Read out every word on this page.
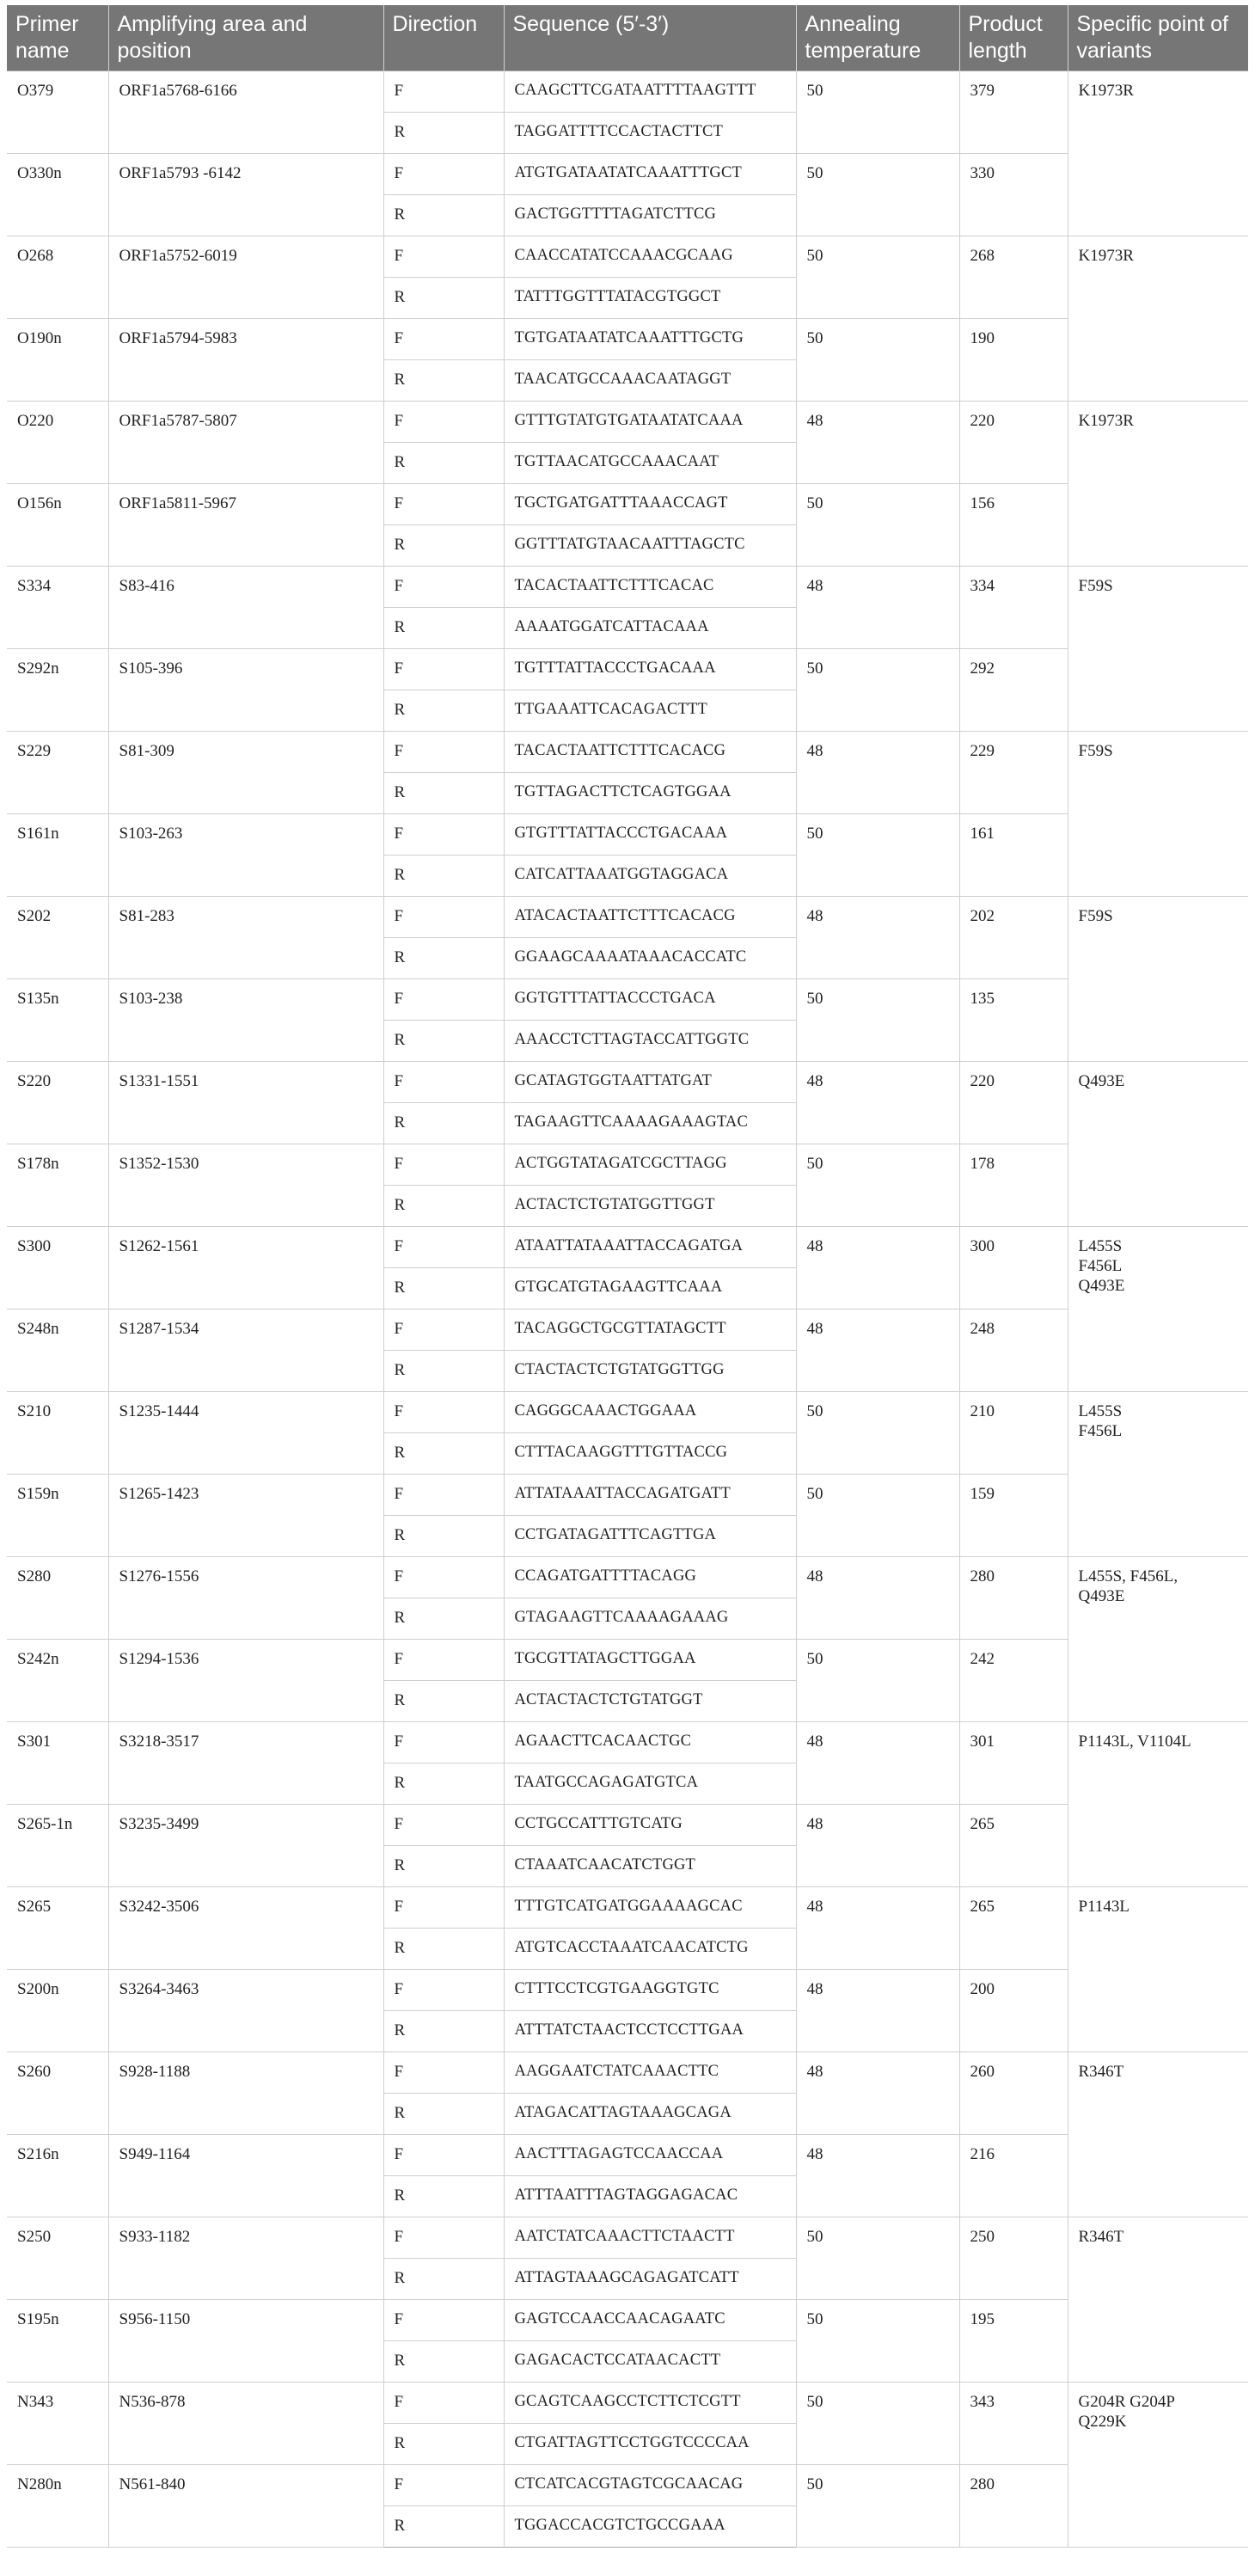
Primer name	Amplifying area and position	Direction	Sequence (5′-3′)	Annealing temperature	Product length	Specific point of variants
O379	ORF1a5768-6166	F	CAAGCTTCGATAATTTTAAGTTT	50	379	K1973R
		R	TAGGATTTTCCACTACTTCT			
O330n	ORF1a5793 -6142	F	ATGTGATAATATCAAATTTGCT	50	330	
		R	GACTGGTTTTAGATCTTCG			
O268	ORF1a5752-6019	F	CAACCATATCCAAACGCAAG	50	268	K1973R
		R	TATTTGGTTTATACGTGGCT			
O190n	ORF1a5794-5983	F	TGTGATAATATCAAATTTGCTG	50	190	
		R	TAACATGCCAAACAATAGGT			
O220	ORF1a5787-5807	F	GTTTGTATGTGATAATATCAAA	48	220	K1973R
		R	TGTTAACATGCCAAACAAT			
O156n	ORF1a5811-5967	F	TGCTGATGATTTAAACCAGT	50	156	
		R	GGTTTATGTAACAATTTAGCTC			
S334	S83-416	F	TACACTAATTCTTTCACAC	48	334	F59S
		R	AAAATGGATCATTACAAA			
S292n	S105-396	F	TGTTTATTACCCTGACAAA	50	292	
		R	TTGAAATTCACAGACTTT			
S229	S81-309	F	TACACTAATTCTTTCACACG	48	229	F59S
		R	TGTTAGACTTCTCAGTGGAA			
S161n	S103-263	F	GTGTTTATTACCCTGACAAA	50	161	
		R	CATCATTAAATGGTAGGACA			
S202	S81-283	F	ATACACTAATTCTTTCACACG	48	202	F59S
		R	GGAAGCAAAATAAACACCATC			
S135n	S103-238	F	GGTGTTTATTACCCTGACA	50	135	
		R	AAACCTCTTAGTACCATTGGTC			
S220	S1331-1551	F	GCATAGTGGTAATTATGAT	48	220	Q493E
		R	TAGAAGTTCAAAAGAAAGTAC			
S178n	S1352-1530	F	ACTGGTATAGATCGCTTAGG	50	178	
		R	ACTACTCTGTATGGTTGGT			
S300	S1262-1561	F	ATAATTATAAATTACCAGATGA	48	300	L455S
F456L
Q493E
		R	GTGCATGTAGAAGTTCAAA			
S248n	S1287-1534	F	TACAGGCTGCGTTATAGCTT	48	248	
		R	CTACTACTCTGTATGGTTGG			
S210	S1235-1444	F	CAGGGCAAACTGGAAA	50	210	L455S
F456L
		R	CTTTACAAGGTTTGTTACCG			
S159n	S1265-1423	F	ATTATAAATTACCAGATGATT	50	159	
		R	CCTGATAGATTTCAGTTGA			
S280	S1276-1556	F	CCAGATGATTTTACAGG	48	280	L455S, F456L,
Q493E
		R	GTAGAAGTTCAAAAGAAAG			
S242n	S1294-1536	F	TGCGTTATAGCTTGGAA	50	242	
		R	ACTACTACTCTGTATGGT			
S301	S3218-3517	F	AGAACTTCACAACTGC	48	301	P1143L, V1104L
		R	TAATGCCAGAGATGTCA			
S265-1n	S3235-3499	F	CCTGCCATTTGTCATG	48	265	
		R	CTAAATCAACATCTGGT			
S265	S3242-3506	F	TTTGTCATGATGGAAAAGCAC	48	265	P1143L
		R	ATGTCACCTAAATCAACATCTG			
S200n	S3264-3463	F	CTTTCCTCGTGAAGGTGTC	48	200	
		R	ATTTATCTAACTCCTCCTTGAA			
S260	S928-1188	F	AAGGAATCTATCAAACTTC	48	260	R346T
		R	ATAGACATTAGTAAAGCAGA			
S216n	S949-1164	F	AACTTTAGAGTCCAACCAA	48	216	
		R	ATTTAATTTAGTAGGAGACAC			
S250	S933-1182	F	AATCTATCAAACTTCTAACTT	50	250	R346T
		R	ATTAGTAAAGCAGAGATCATT			
S195n	S956-1150	F	GAGTCCAACCAACAGAATC	50	195	
		R	GAGACACTCCATAACACTT			
N343	N536-878	F	GCAGTCAAGCCTCTTCTCGTT	50	343	G204R G204P
Q229K
		R	CTGATTAGTTCCTGGTCCCCAA			
N280n	N561-840	F	CTCATCACGTAGTCGCAACAG	50	280	
		R	TGGACCACGTCTGCCGAAA			
